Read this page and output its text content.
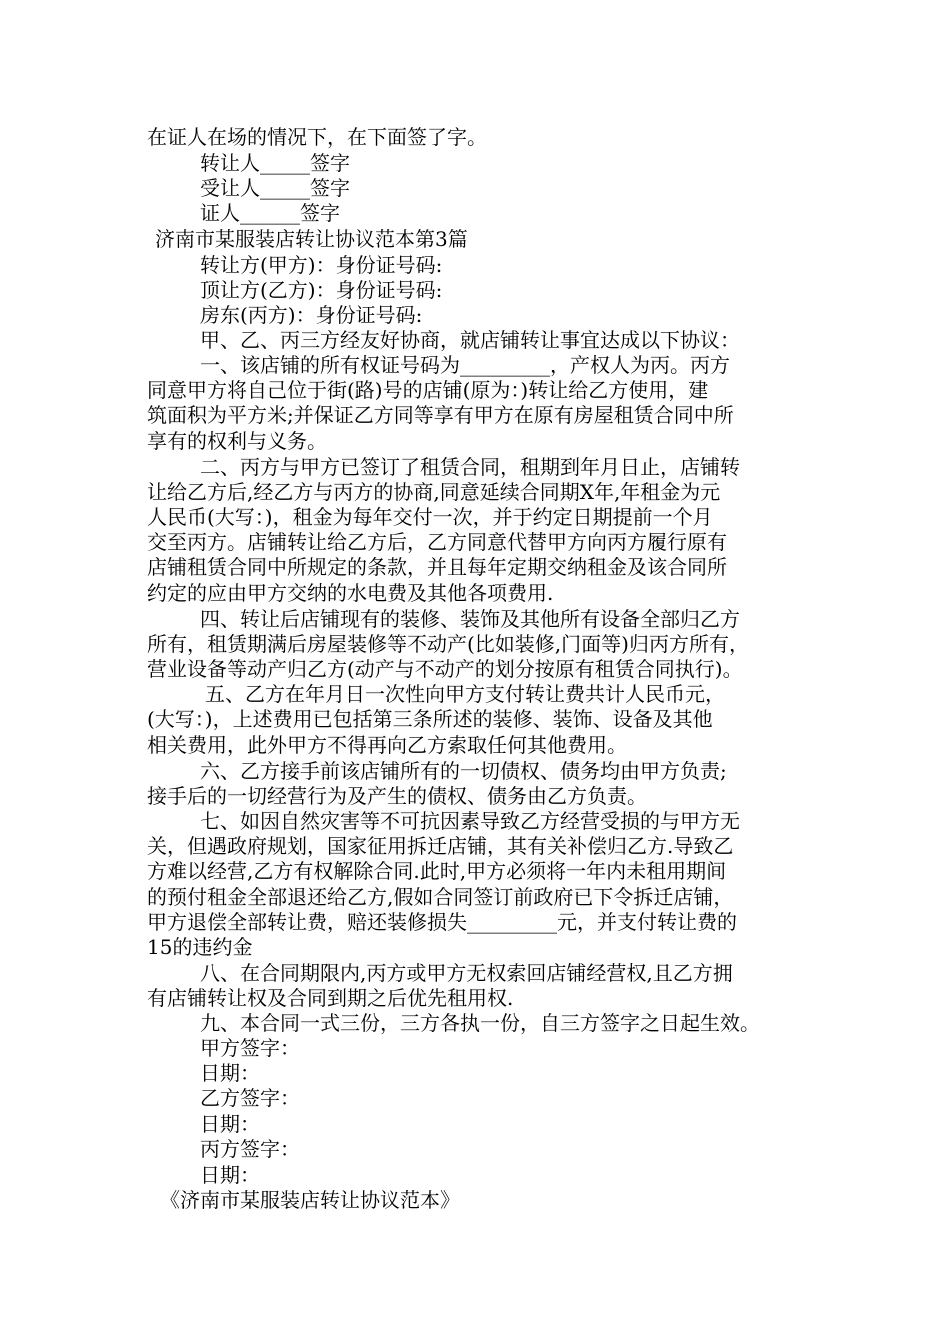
在证人在场的情况下，在下面签了字。
转让人_____签字
受让人_____签字
证人______签字
济南市某服装店转让协议范本第3篇
转让方(甲方)：身份证号码:
顶让方(乙方)：身份证号码:
房东(丙方)：身份证号码:
甲、乙、丙三方经友好协商，就店铺转让事宜达成以下协议：
一、该店铺的所有权证号码为_________，产权人为丙。丙方
同意甲方将自己位于街(路)号的店铺(原为：)转让给乙方使用，建
筑面积为平方米;并保证乙方同等享有甲方在原有房屋租赁合同中所
享有的权利与义务。
二、丙方与甲方已签订了租赁合同，租期到年月日止，店铺转
让给乙方后,经乙方与丙方的协商,同意延续合同期X年,年租金为元
人民币(大写：)，租金为每年交付一次，并于约定日期提前一个月
交至丙方。店铺转让给乙方后，乙方同意代替甲方向丙方履行原有
店铺租赁合同中所规定的条款，并且每年定期交纳租金及该合同所
约定的应由甲方交纳的水电费及其他各项费用.
四、转让后店铺现有的装修、装饰及其他所有设备全部归乙方
所有，租赁期满后房屋装修等不动产(比如装修,门面等)归丙方所有，
营业设备等动产归乙方(动产与不动产的划分按原有租赁合同执行)。
五、乙方在年月日一次性向甲方支付转让费共计人民币元，
(大写：)，上述费用已包括第三条所述的装修、装饰、设备及其他
相关费用，此外甲方不得再向乙方索取任何其他费用。
六、乙方接手前该店铺所有的一切债权、债务均由甲方负责;
接手后的一切经营行为及产生的债权、债务由乙方负责。
七、如因自然灾害等不可抗因素导致乙方经营受损的与甲方无
关，但遇政府规划，国家征用拆迁店铺，其有关补偿归乙方.导致乙
方难以经营,乙方有权解除合同.此时,甲方必须将一年内未租用期间
的预付租金全部退还给乙方,假如合同签订前政府已下令拆迁店铺，
甲方退偿全部转让费，赔还装修损失_________元，并支付转让费的
15的违约金
八、在合同期限内,丙方或甲方无权索回店铺经营权,且乙方拥
有店铺转让权及合同到期之后优先租用权.
九、本合同一式三份，三方各执一份，自三方签字之日起生效。
甲方签字：
日期：
乙方签字：
日期：
丙方签字：
日期：
《济南市某服装店转让协议范本》
